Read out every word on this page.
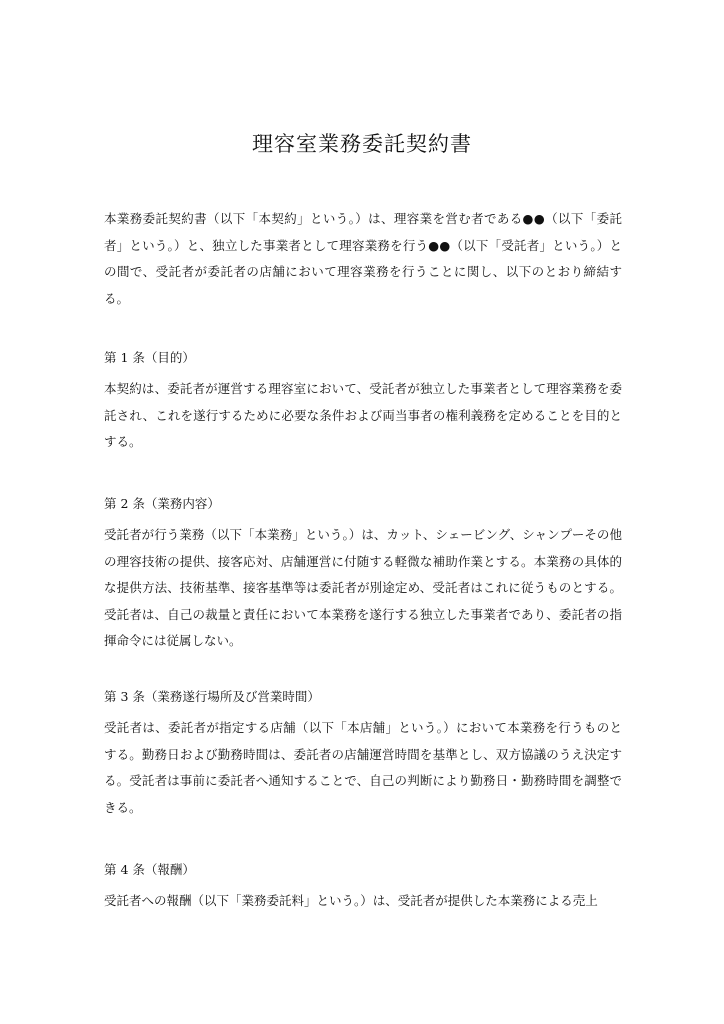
理容室業務委託契約書

本業務委託契約書（以下「本契約」という。）は、理容業を営む者である●●（以下「委託者」という。）と、独立した事業者として理容業務を行う●●（以下「受託者」という。）との間で、受託者が委託者の店舗において理容業務を行うことに関し、以下のとおり締結する。

第 1 条（目的）

本契約は、委託者が運営する理容室において、受託者が独立した事業者として理容業務を委託され、これを遂行するために必要な条件および両当事者の権利義務を定めることを目的とする。

第 2 条（業務内容）

受託者が行う業務（以下「本業務」という。）は、カット、シェービング、シャンプーその他の理容技術の提供、接客応対、店舗運営に付随する軽微な補助作業とする。本業務の具体的な提供方法、技術基準、接客基準等は委託者が別途定め、受託者はこれに従うものとする。受託者は、自己の裁量と責任において本業務を遂行する独立した事業者であり、委託者の指揮命令には従属しない。

第 3 条（業務遂行場所及び営業時間）

受託者は、委託者が指定する店舗（以下「本店舗」という。）において本業務を行うものとする。勤務日および勤務時間は、委託者の店舗運営時間を基準とし、双方協議のうえ決定する。受託者は事前に委託者へ通知することで、自己の判断により勤務日・勤務時間を調整できる。

第 4 条（報酬）

受託者への報酬（以下「業務委託料」という。）は、受託者が提供した本業務による売上
